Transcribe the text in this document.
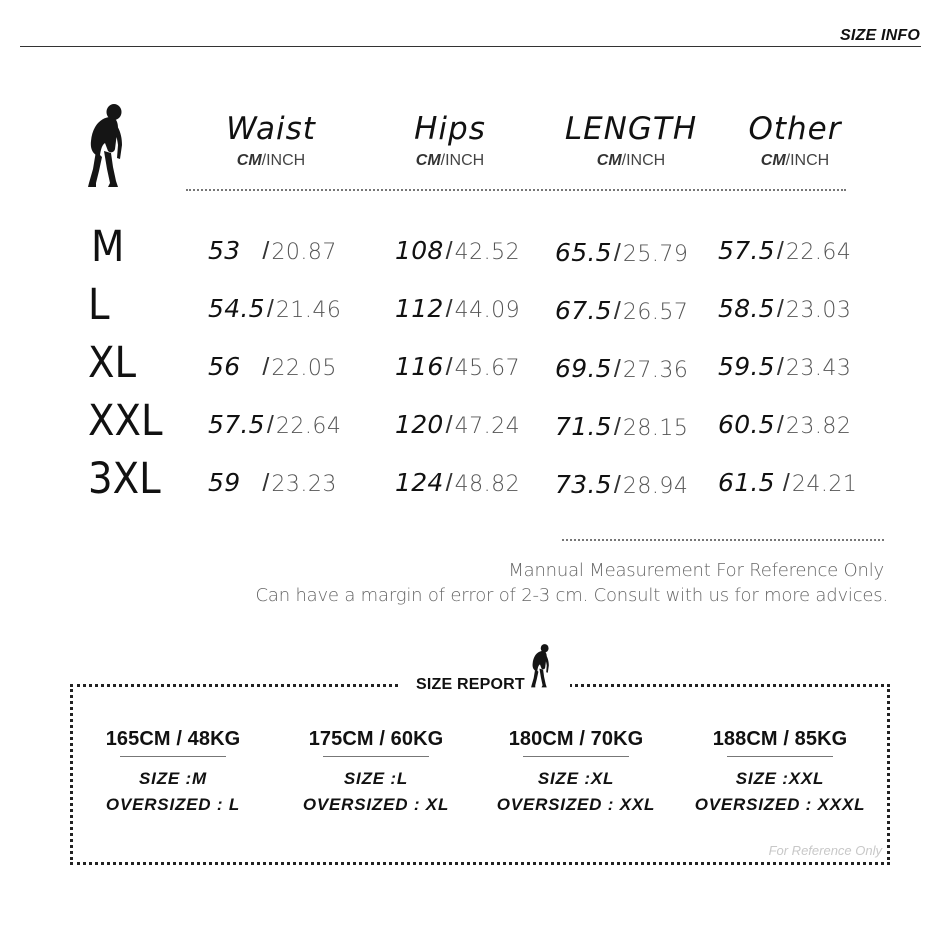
SIZE INFO
Waist
CM/INCH
Hips
CM/INCH
LENGTH
CM/INCH
Other
CM/INCH
M
L
XL
XXL
3XL
53 /20.87 108/42.52 65.5/25.79 57.5/22.64
54.5/21.46 112/44.09 67.5/26.57 58.5/23.03
56 /22.05 116/45.67 69.5/27.36 59.5/23.43
57.5/22.64 120/47.24 71.5/28.15 60.5/23.82
59 /23.23 124/48.82 73.5/28.94 61.5 /24.21
Mannual Measurement For Reference Only
Can have a margin of error of 2-3 cm. Consult with us for more advices.
SIZE REPORT
165CM / 48KG
SIZE :M
OVERSIZED : L
175CM / 60KG
SIZE :L
OVERSIZED : XL
180CM / 70KG
SIZE :XL
OVERSIZED : XXL
188CM / 85KG
SIZE :XXL
OVERSIZED : XXXL
For Reference Only
